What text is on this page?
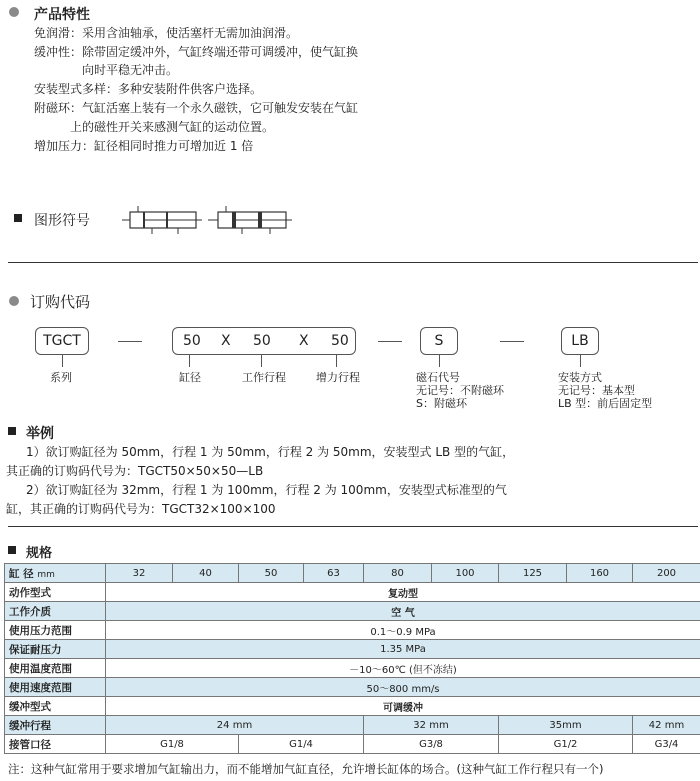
产品特性
免润滑：采用含油轴承，使活塞杆无需加油润滑。
缓冲性：除带固定缓冲外，气缸终端还带可调缓冲，使气缸换
向时平稳无冲击。
安装型式多样：多种安装附件供客户选择。
附磁环：气缸活塞上装有一个永久磁铁，它可触发安装在气缸
上的磁性开关来感测气缸的运动位置。
增加压力：缸径相同时推力可增加近 1 倍
图形符号
订购代码
TGCT	50 X 50 X 50	S	LB
系列	缸径	工作行程	增力行程	磁石代号
无记号：不附磁环
S：附磁环
安装方式
无记号：基本型
LB 型：前后固定型
举例
1）欲订购缸径为 50mm，行程 1 为 50mm，行程 2 为 50mm，安装型式 LB 型的气缸，
其正确的订购码代号为：TGCT50×50×50—LB
2）欲订购缸径为 32mm，行程 1 为 100mm，行程 2 为 100mm，安装型式标准型的气
缸，其正确的订购码代号为：TGCT32×100×100
规格
缸 径 mm	32	40	50	63	80	100	125	160	200
动作型式	复动型								
工作介质	空 气								
使用压力范围	0.1～0.9 MPa								
保证耐压力	1.35 MPa								
使用温度范围	－10～60℃ (但不冻结)								
使用速度范围	50～800 mm/s								
缓冲型式	可调缓冲								
缓冲行程	24 mm				32 mm		35mm		42 mm
接管口径	G1/8		G1/4		G3/8		G1/2		G3/4
注：这种气缸常用于要求增加气缸输出力，而不能增加气缸直径，允许增长缸体的场合。(这种气缸工作行程只有一个)
